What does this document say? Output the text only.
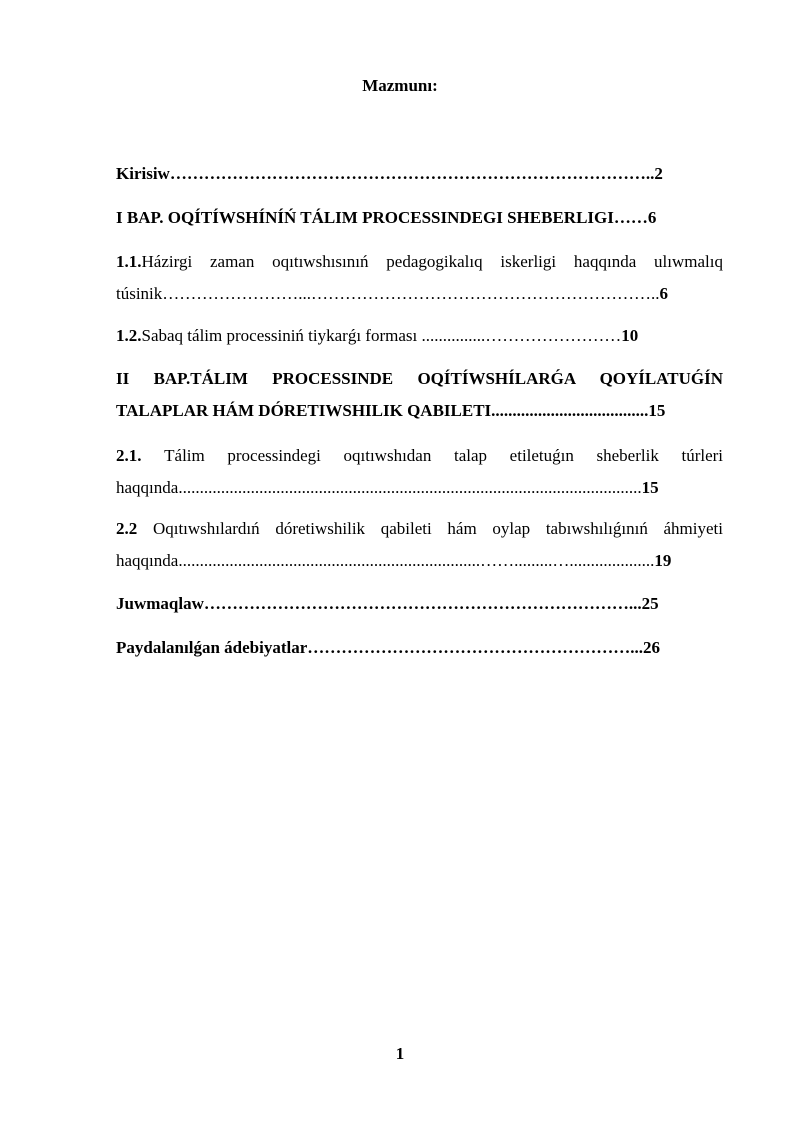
Mazmunı:
Kirisiw…………………………………………………………………………..2
I BAP. OQÍTÍWSHÍNÍŃ TÁLIM PROCESSINDEGI SHEBERLIGI……6
1.1.Házirgi zaman oqıtıwshısınıń pedagogikalıq iskerligi haqqında ulıwmalıq
túsinik……………………...……………………………………………………..6
1.2.Sabaq tálim processiniń tiykarǵı forması ...............……………………10
II BAP.TÁLIM PROCESSINDE OQÍTÍWSHÍLARǴA QOYÍLATUǴÍN
TALAPLAR HÁM DÓRETIWSHILIK QABILETI.....................................15
2.1. Tálim processindegi oqıtıwshıdan talap etiletuǵın sheberlik túrleri
haqqında.............................................................................................................15
2.2 Oqıtıwshılardıń dóretiwshilik qabileti hám oylap tabıwshılıǵınıń áhmiyeti
haqqında.......................................................................…….........…....................19
Juwmaqlaw…………………………………………………………………...25
Paydalanılǵan ádebiyatlar…………………………………………………...26
1
